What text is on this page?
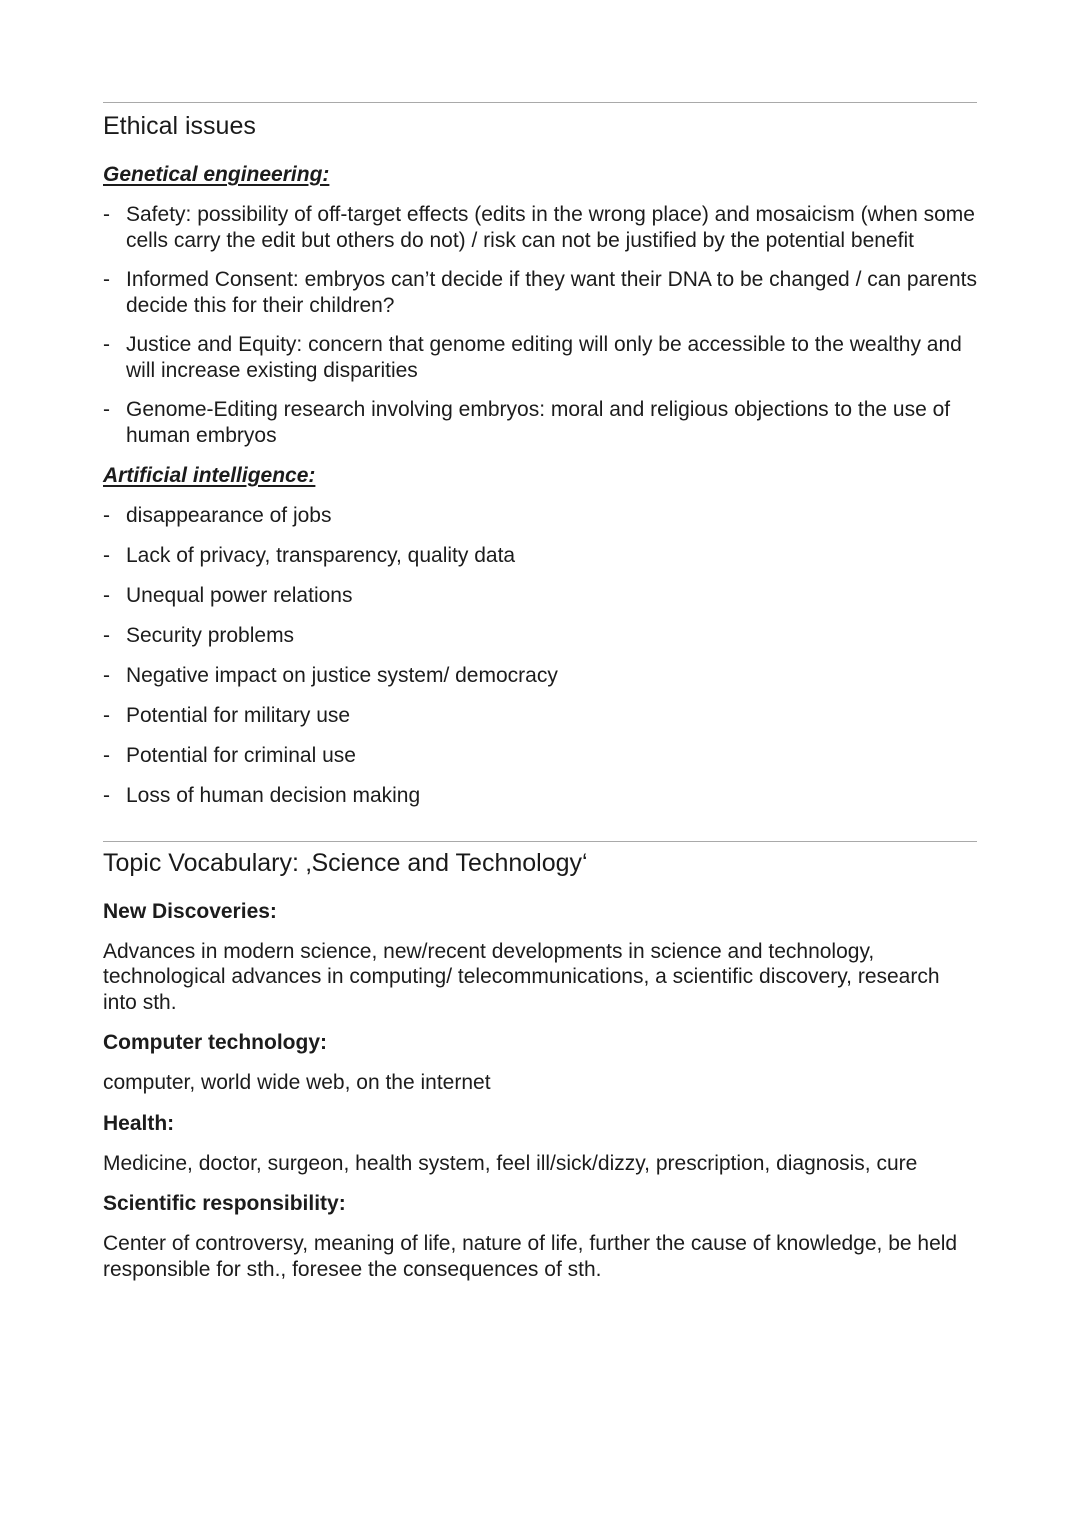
Ethical issues
Genetical engineering:
- Safety: possibility of off-target effects (edits in the wrong place) and mosaicism (when some cells carry the edit but others do not) / risk can not be justified by the potential benefit
- Informed Consent: embryos can’t decide if they want their DNA to be changed / can parents decide this for their children?
- Justice and Equity: concern that genome editing will only be accessible to the wealthy and will increase existing disparities
- Genome-Editing research involving embryos: moral and religious objections to the use of human embryos
Artificial intelligence:
- disappearance of jobs
- Lack of privacy, transparency, quality data
- Unequal power relations
- Security problems
- Negative impact on justice system/ democracy
- Potential for military use
- Potential for criminal use
- Loss of human decision making
Topic Vocabulary: ‚Science and Technology‘
New Discoveries:

Advances in modern science, new/recent developments in science and technology, technological advances in computing/ telecommunications, a scientific discovery, research into sth.

Computer technology:

computer, world wide web, on the internet

Health:

Medicine, doctor, surgeon, health system, feel ill/sick/dizzy, prescription, diagnosis, cure

Scientific responsibility:

Center of controversy, meaning of life, nature of life, further the cause of knowledge, be held responsible for sth., foresee the consequences of sth.
